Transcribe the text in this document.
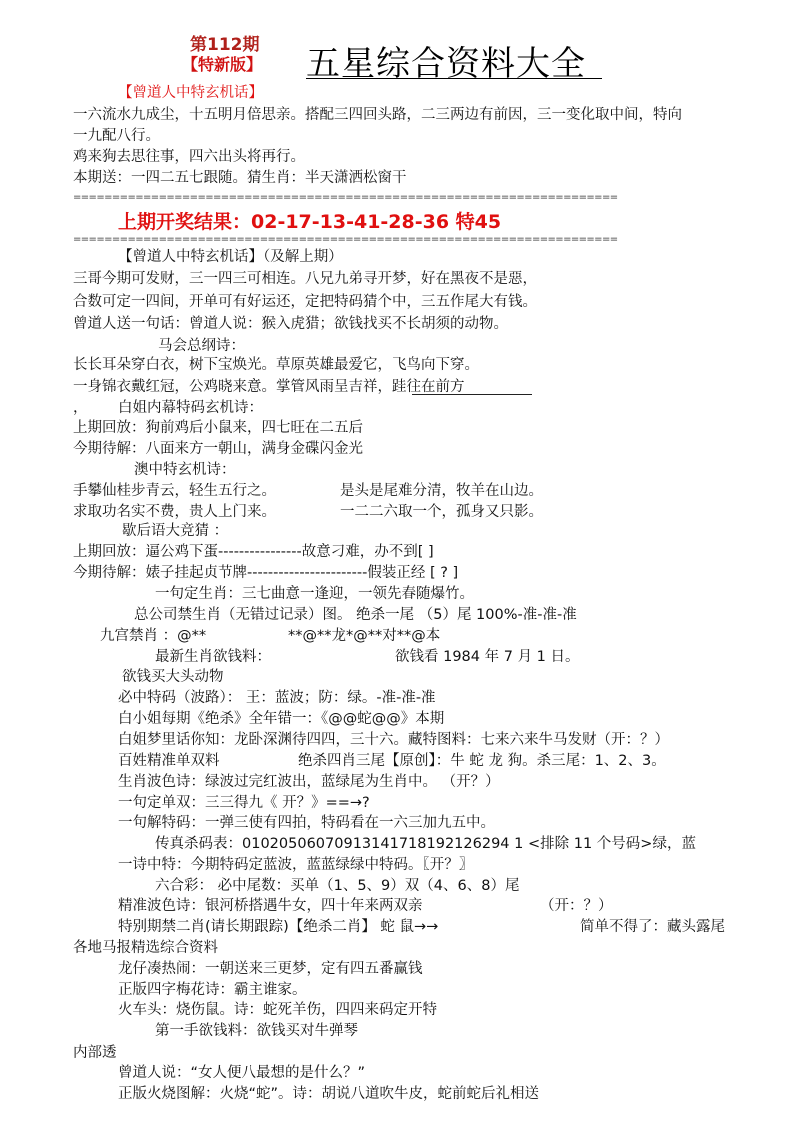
第112期
【特新版】 五星综合资料大全
【曾道人中特玄机话】
一六流水九成尘，十五明月倍思亲。搭配三四回头路，二三两边有前因，三一变化取中间，特向
一九配八行。
鸡来狗去思往事，四六出头将再行。
本期送：一四二五七跟随。猜生肖：半天潇洒松窗干
======================================================================
上期开奖结果：02-17-13-41-28-36 特45
======================================================================
【曾道人中特玄机话】（及解上期）
三哥今期可发财，三一四三可相连。八兄九弟寻开梦，好在黑夜不是惡，
合数可定一四间，开单可有好运还，定把特码猜个中，三五作尾大有钱。
曾道人送一句话：曾道人说：猴入虎猎；欲钱找买不长胡须的动物。
马会总纲诗：
长长耳朵穿白衣，树下宝焕光。草原英雄最爱它，飞鸟向下穿。
一身锦衣戴红冠，公鸡晓来意。掌管风雨呈吉祥，跬往在前方
， 白姐内幕特码玄机诗：
上期回放：狗前鸡后小鼠来，四七旺在二五后
今期待解：八面来方一朝山，满身金碟闪金光
澳中特玄机诗：
手攀仙桂步青云，轻生五行之。	是头是尾难分清，牧羊在山边。
求取功名实不费，贵人上门来。	一二二六取一个，孤身又只影。
歇后语大竞猜 ：
上期回放：逼公鸡下蛋----------------故意刁难，办不到[ ]
今期待解：婊子挂起贞节牌-----------------------假装正经 [ ? ]
一句定生肖：三七曲意一逢迎，一领先春随爆竹。
总公司禁生肖（无错过记录）图。 绝杀一尾 （5）尾 100%-准-准-准
九宫禁肖 ：@**	**@**龙*@**对**@本
最新生肖欲钱料：	欲钱看 1984 年 7 月 1 日。
欲钱买大头动物
必中特码（波路）： 王：蓝波；防：绿。-准-准-准
白小姐每期《绝杀》全年错一：《@@蛇@@》本期
白姐梦里话你知：龙卧深渊待四四，三十六。藏特图料：七来六来牛马发财（开：？）
百姓精准单双料	绝杀四肖三尾【原创】：牛 蛇 龙 狗。杀三尾：1、2、3。
生肖波色诗：绿波过完红波出，蓝绿尾为生肖中。 （开？）
一句定单双：三三得九《 开？》==→?
一句解特码：一弹三使有四拍，特码看在一六三加九五中。
传真杀码表：01020506070913141718192126294 1 <排除 11 个号码>绿，蓝
一诗中特：今期特码定蓝波，蓝蓝绿绿中特码。〖开？〗
六合彩： 必中尾数：买单（1、5、9）双（4、6、8）尾
精准波色诗：银河桥搭遇牛女，四十年来两双亲	（开：？）
特别期禁二肖(请长期跟踪)【绝杀二肖】 蛇 鼠→→	简单不得了：藏头露尾
各地马报精选综合资料
龙仔凑热闹：一朝送来三更梦，定有四五番赢钱
正版四字梅花诗：霸主谁家。
火车头：烧伤鼠。诗：蛇死羊伤，四四来码定开特
第一手欲钱料：欲钱买对牛弹琴
内部透
曾道人说：“女人便八最想的是什么？”
正版火烧图解：火烧“蛇”。诗：胡说八道吹牛皮，蛇前蛇后礼相送
